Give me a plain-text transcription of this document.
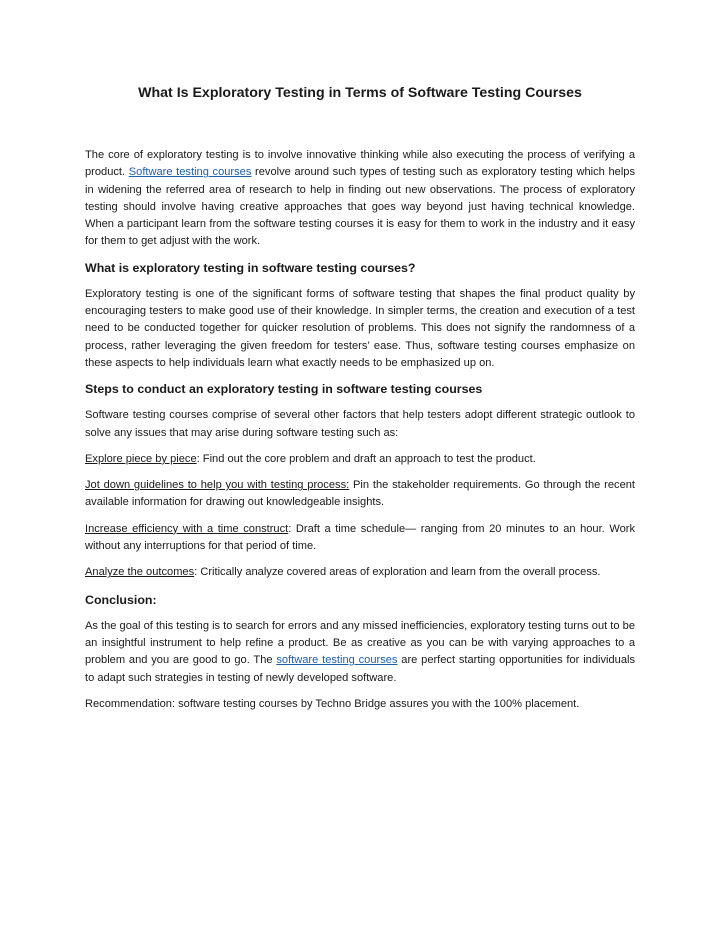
What Is Exploratory Testing in Terms of Software Testing Courses

The core of exploratory testing is to involve innovative thinking while also executing the process of verifying a product. Software testing courses revolve around such types of testing such as exploratory testing which helps in widening the referred area of research to help in finding out new observations. The process of exploratory testing should involve having creative approaches that goes way beyond just having technical knowledge. When a participant learn from the software testing courses it is easy for them to work in the industry and it easy for them to get adjust with the work.

What is exploratory testing in software testing courses?

Exploratory testing is one of the significant forms of software testing that shapes the final product quality by encouraging testers to make good use of their knowledge. In simpler terms, the creation and execution of a test need to be conducted together for quicker resolution of problems. This does not signify the randomness of a process, rather leveraging the given freedom for testers’ ease. Thus, software testing courses emphasize on these aspects to help individuals learn what exactly needs to be emphasized up on.

Steps to conduct an exploratory testing in software testing courses

Software testing courses comprise of several other factors that help testers adopt different strategic outlook to solve any issues that may arise during software testing such as:

Explore piece by piece: Find out the core problem and draft an approach to test the product.

Jot down guidelines to help you with testing process: Pin the stakeholder requirements. Go through the recent available information for drawing out knowledgeable insights.

Increase efficiency with a time construct: Draft a time schedule— ranging from 20 minutes to an hour. Work without any interruptions for that period of time.

Analyze the outcomes: Critically analyze covered areas of exploration and learn from the overall process.

Conclusion:

As the goal of this testing is to search for errors and any missed inefficiencies, exploratory testing turns out to be an insightful instrument to help refine a product. Be as creative as you can be with varying approaches to a problem and you are good to go. The software testing courses are perfect starting opportunities for individuals to adapt such strategies in testing of newly developed software.

Recommendation: software testing courses by Techno Bridge assures you with the 100% placement.
